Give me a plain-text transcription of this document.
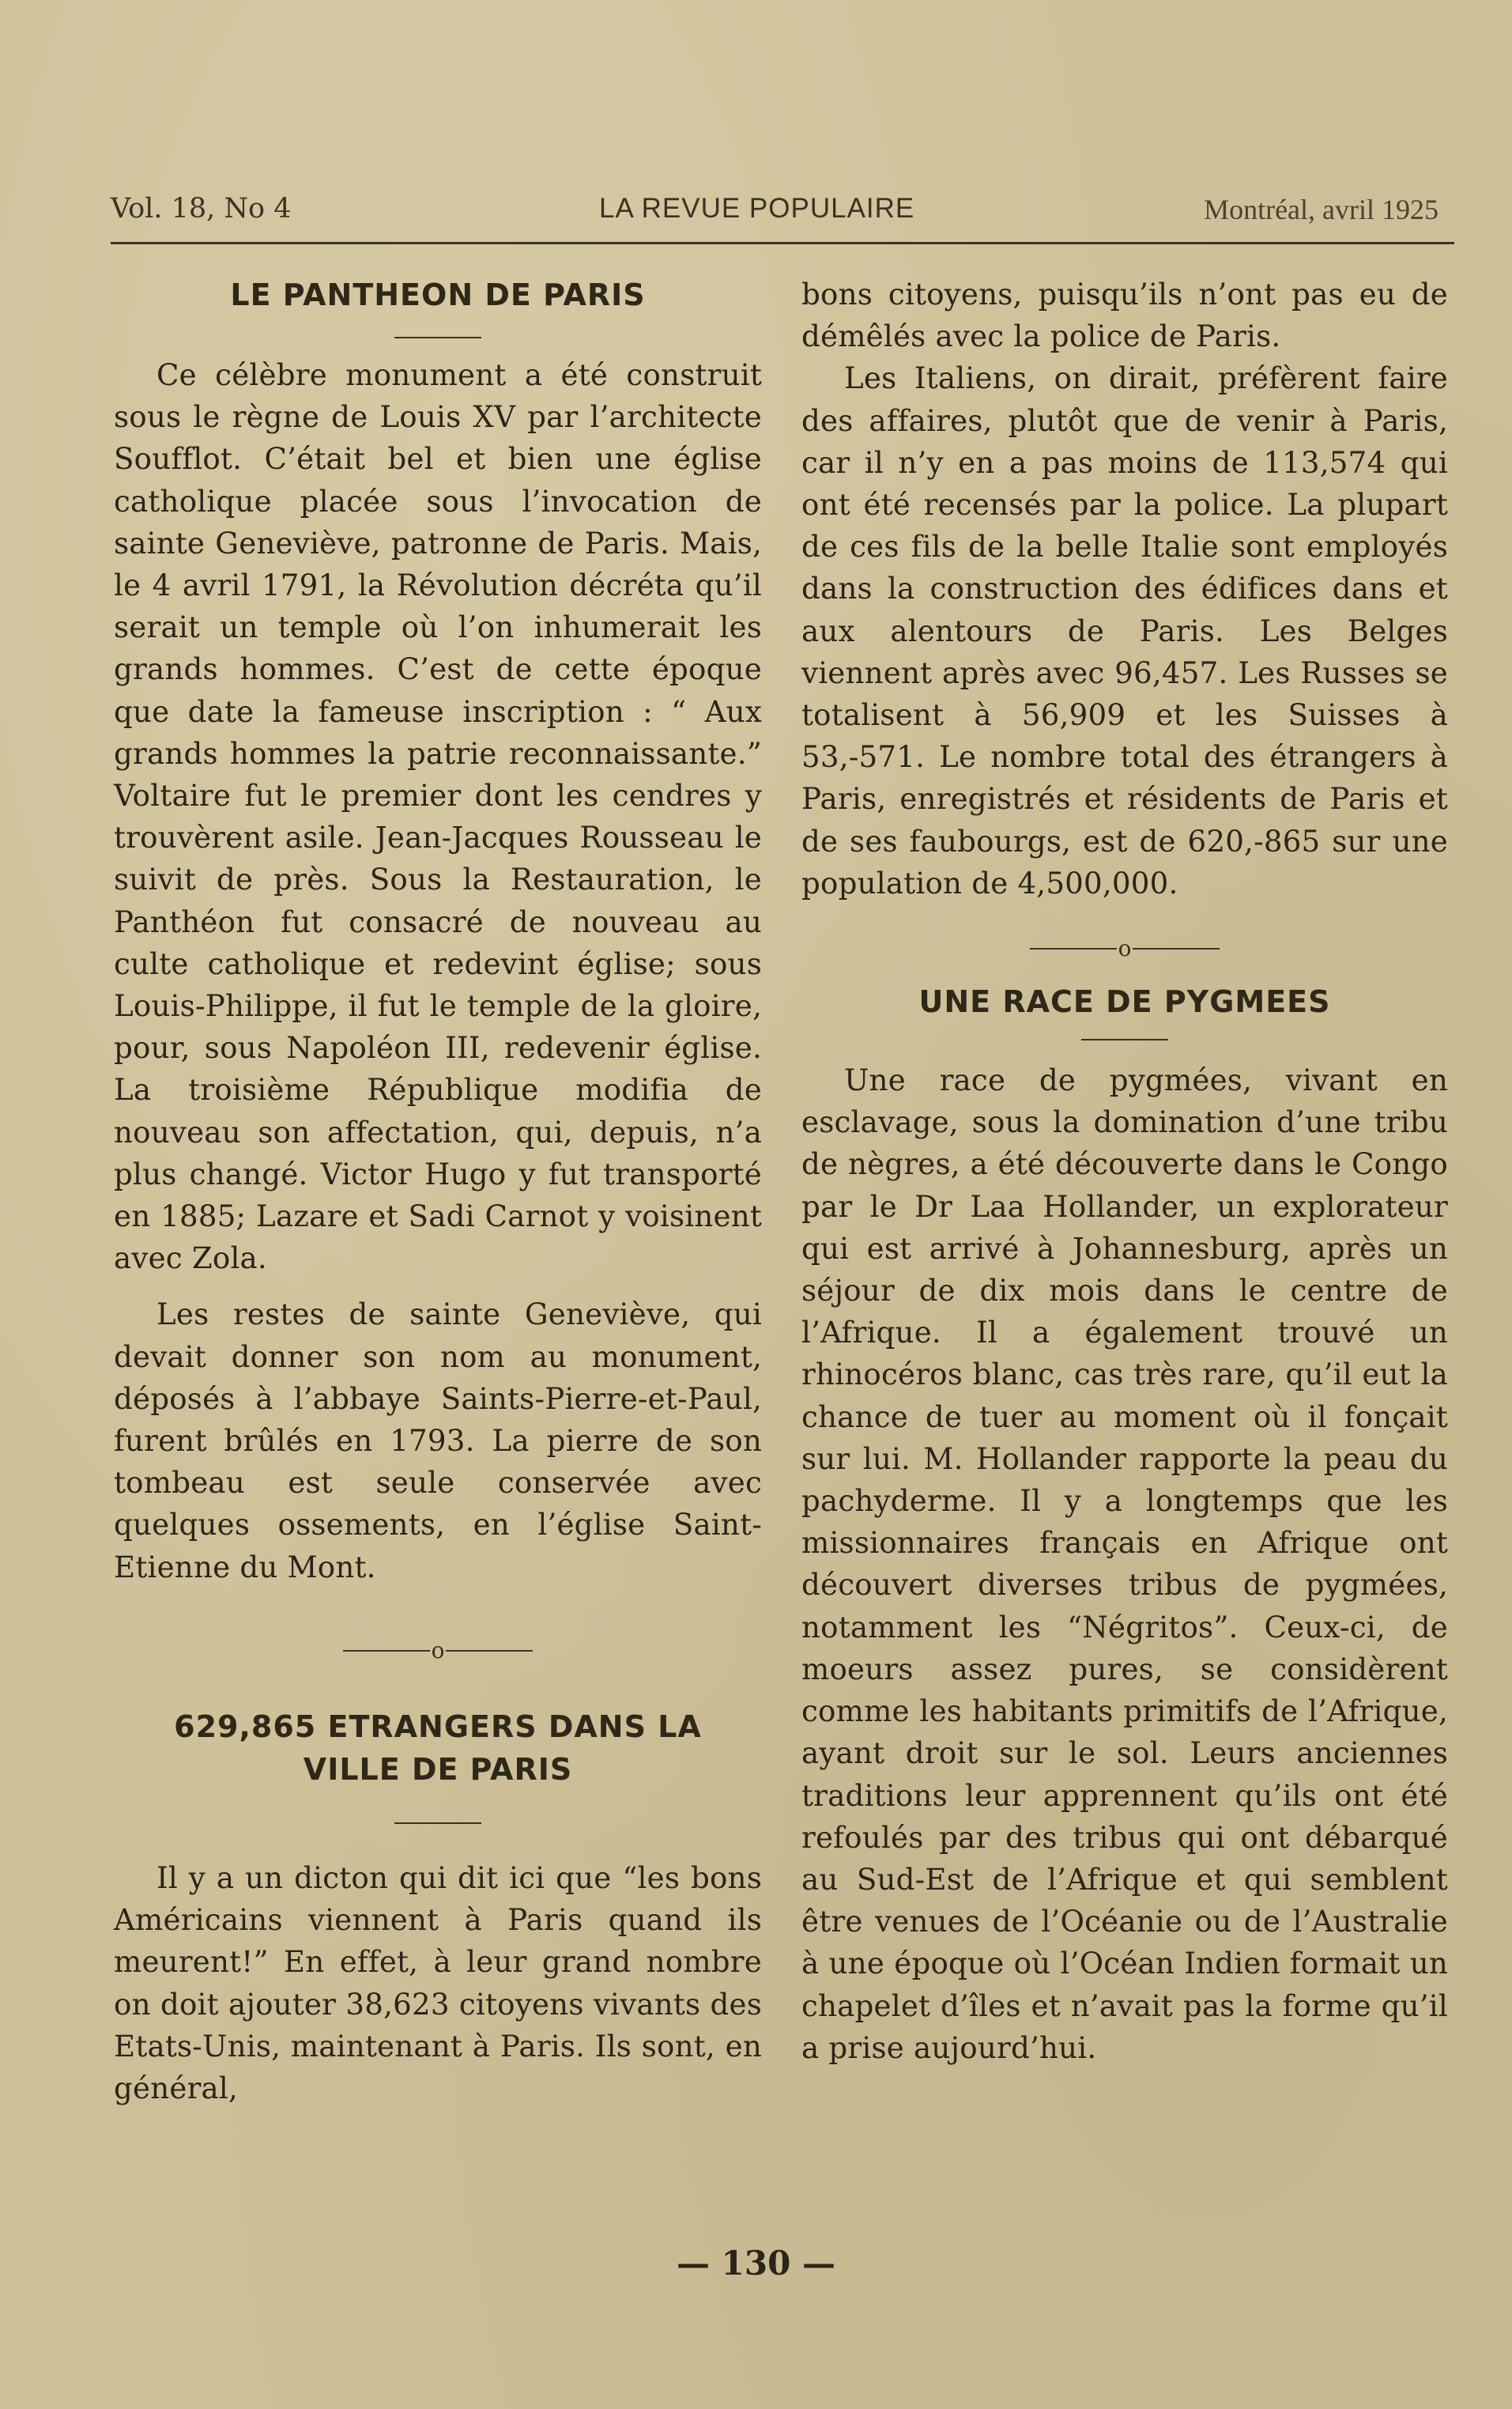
Vol. 18, No 4	LA REVUE POPULAIRE	Montréal, avril 1925
LE PANTHEON DE PARIS

Ce célèbre monument a été construit sous le règne de Louis XV par l’architecte Soufflot. C’était bel et bien une église catholique placée sous l’invocation de sainte Geneviève, patronne de Paris. Mais, le 4 avril 1791, la Révolution décréta qu’il serait un temple où l’on inhumerait les grands hommes. C’est de cette époque que date la fameuse inscription : “ Aux grands hommes la patrie reconnaissante.” Voltaire fut le premier dont les cendres y trouvèrent asile. Jean-Jacques Rousseau le suivit de près. Sous la Restauration, le Panthéon fut consacré de nouveau au culte catholique et redevint église; sous Louis-Philippe, il fut le temple de la gloire, pour, sous Napoléon III, redevenir église. La troisième République modifia de nouveau son affectation, qui, depuis, n’a plus changé. Victor Hugo y fut transporté en 1885; Lazare et Sadi Carnot y voisinent avec Zola.

Les restes de sainte Geneviève, qui devait donner son nom au monument, déposés à l’abbaye Saints-Pierre-et-Paul, furent brûlés en 1793. La pierre de son tombeau est seule conservée avec quelques ossements, en l’église Saint-Etienne du Mont.

o
629,865 ETRANGERS DANS LA
VILLE DE PARIS

Il y a un dicton qui dit ici que “les bons Américains viennent à Paris quand ils meurent!” En effet, à leur grand nombre on doit ajouter 38,623 citoyens vivants des Etats-Unis, maintenant à Paris. Ils sont, en général,

bons citoyens, puisqu’ils n’ont pas eu de démêlés avec la police de Paris.

Les Italiens, on dirait, préfèrent faire des affaires, plutôt que de venir à Paris, car il n’y en a pas moins de 113,574 qui ont été recensés par la police. La plupart de ces fils de la belle Italie sont employés dans la construction des édifices dans et aux alentours de Paris. Les Belges viennent après avec 96,457. Les Russes se totalisent à 56,909 et les Suisses à 53,-571. Le nombre total des étrangers à Paris, enregistrés et résidents de Paris et de ses faubourgs, est de 620,-865 sur une population de 4,500,000.

o
UNE RACE DE PYGMEES

Une race de pygmées, vivant en esclavage, sous la domination d’une tribu de nègres, a été découverte dans le Congo par le Dr Laa Hollander, un explorateur qui est arrivé à Johannesburg, après un séjour de dix mois dans le centre de l’Afrique. Il a également trouvé un rhinocéros blanc, cas très rare, qu’il eut la chance de tuer au moment où il fonçait sur lui. M. Hollander rapporte la peau du pachyderme. Il y a longtemps que les missionnaires français en Afrique ont découvert diverses tribus de pygmées, notamment les “Négritos”. Ceux-ci, de moeurs assez pures, se considèrent comme les habitants primitifs de l’Afrique, ayant droit sur le sol. Leurs anciennes traditions leur apprennent qu’ils ont été refoulés par des tribus qui ont débarqué au Sud-Est de l’Afrique et qui semblent être venues de l’Océanie ou de l’Australie à une époque où l’Océan Indien formait un chapelet d’îles et n’avait pas la forme qu’il a prise aujourd’hui.

— 130 —
